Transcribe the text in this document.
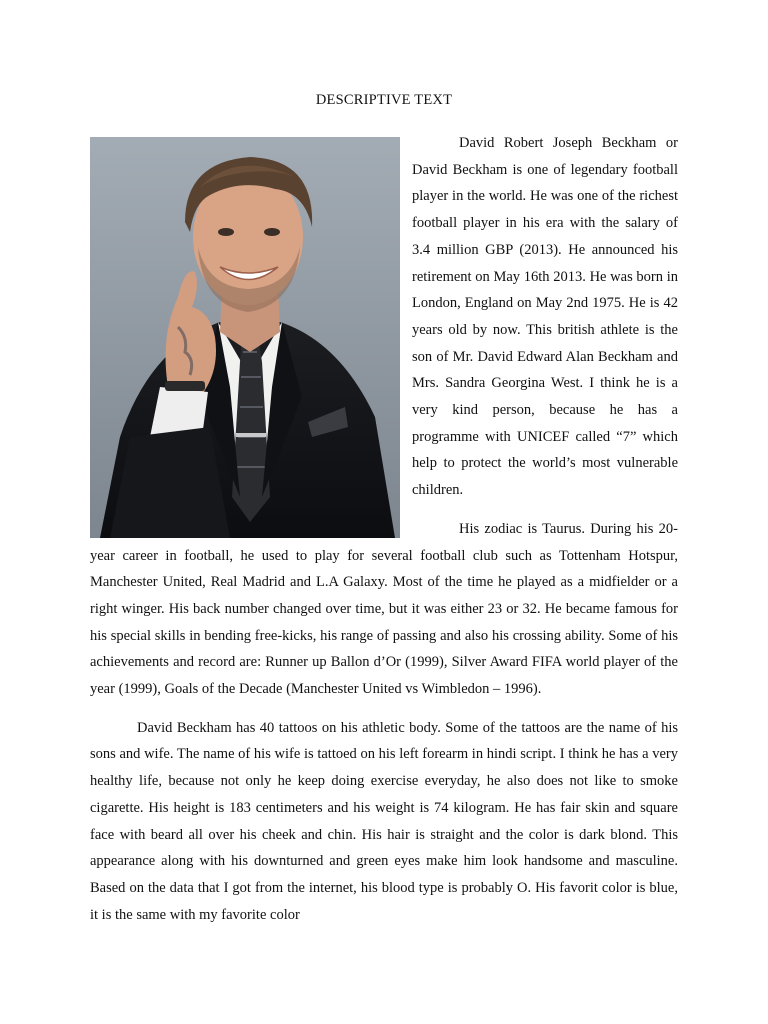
DESCRIPTIVE TEXT

David Robert Joseph Beckham or David Beckham is one of legendary football player in the world. He was one of the richest football player in his era with the salary of 3.4 million GBP (2013). He announced his retirement on May 16th 2013. He was born in London, England on May 2nd 1975. He is 42 years old by now. This british athlete is the son of Mr. David Edward Alan Beckham and Mrs. Sandra Georgina West. I think he is a very kind person, because he has a programme with UNICEF called “7” which help to protect the world’s most vulnerable children.

His zodiac is Taurus. During his 20-year career in football, he used to play for several football club such as Tottenham Hotspur, Manchester United, Real Madrid and L.A Galaxy. Most of the time he played as a midfielder or a right winger. His back number changed over time, but it was either 23 or 32. He became famous for his special skills in bending free-kicks, his range of passing and also his crossing ability. Some of his achievements and record are: Runner up Ballon d’Or (1999), Silver Award FIFA world player of the year (1999), Goals of the Decade (Manchester United vs Wimbledon – 1996).

David Beckham has 40 tattoos on his athletic body. Some of the tattoos are the name of his sons and wife. The name of his wife is tattoed on his left forearm in hindi script. I think he has a very healthy life, because not only he keep doing exercise everyday, he also does not like to smoke cigarette. His height is 183 centimeters and his weight is 74 kilogram. He has fair skin and square face with beard all over his cheek and chin. His hair is straight and the color is dark blond. This appearance along with his downturned and green eyes make him look handsome and masculine. Based on the data that I got from the internet, his blood type is probably O. His favorit color is blue, it is the same with my favorite color
